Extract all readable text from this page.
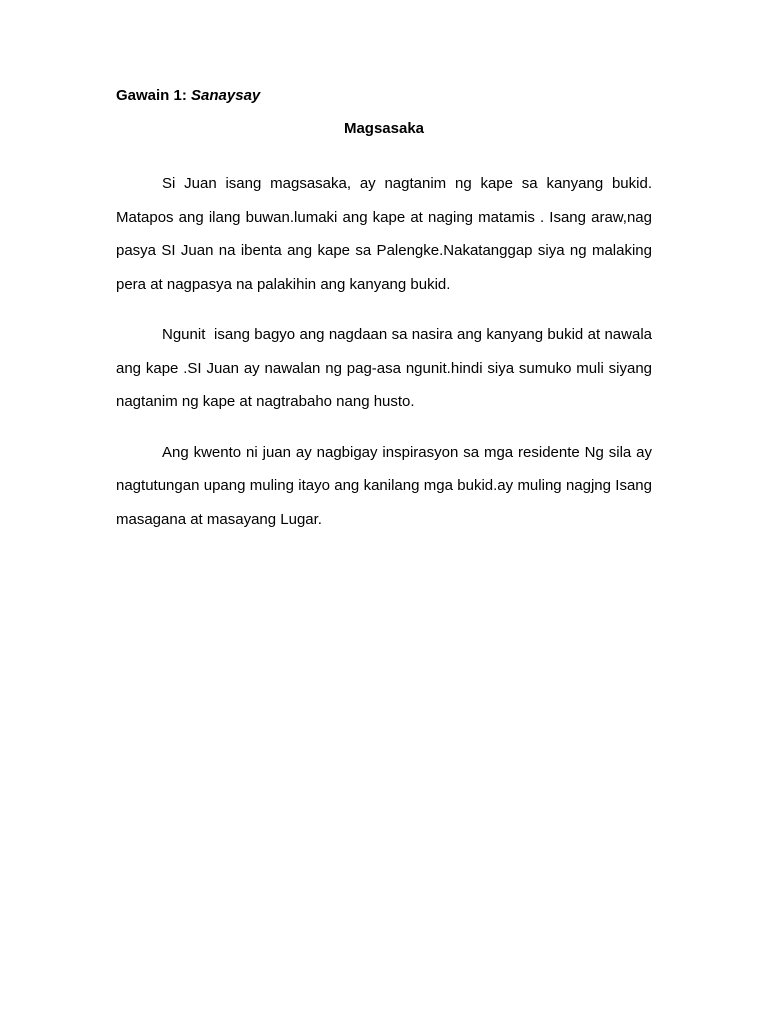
Gawain 1: Sanaysay
Magsasaka

Si Juan isang magsasaka, ay nagtanim ng kape sa kanyang bukid. Matapos ang ilang buwan.lumaki ang kape at naging matamis . Isang araw,nag pasya SI Juan na ibenta ang kape sa Palengke.Nakatanggap siya ng malaking pera at nagpasya na palakihin ang kanyang bukid.

Ngunit  isang bagyo ang nagdaan sa nasira ang kanyang bukid at nawala ang kape .SI Juan ay nawalan ng pag-asa ngunit.hindi siya sumuko muli siyang nagtanim ng kape at nagtrabaho nang husto.

Ang kwento ni juan ay nagbigay inspirasyon sa mga residente Ng sila ay nagtutungan upang muling itayo ang kanilang mga bukid.ay muling nagjng Isang masagana at masayang Lugar.
